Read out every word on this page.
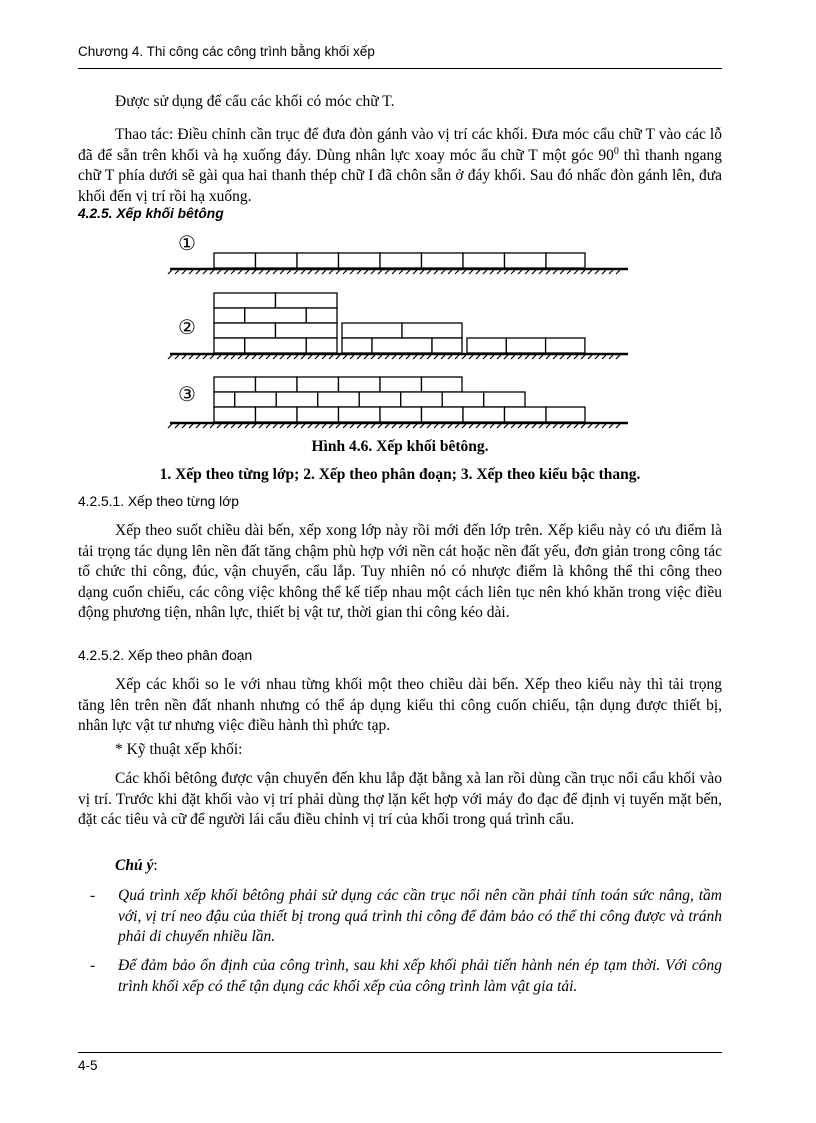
Chương 4. Thi công các công trình bằng khối xếp

Được sử dụng để cẩu các khối có móc chữ T.

Thao tác: Điều chỉnh cần trục để đưa đòn gánh vào vị trí các khối. Đưa móc cẩu chữ T vào các lỗ đã để sẵn trên khối và hạ xuống đáy. Dùng nhân lực xoay móc ẩu chữ T một góc $90^0$ thì thanh ngang chữ T phía dưới sẽ gài qua hai thanh thép chữ I đã chôn sẵn ở đáy khối. Sau đó nhấc đòn gánh lên, đưa khối đến vị trí rồi hạ xuống.

4.2.5. Xếp khối bêtông

①
②
③

Hình 4.6. Xếp khối bêtông.

1. Xếp theo từng lớp; 2. Xếp theo phân đoạn; 3. Xếp theo kiểu bậc thang.

4.2.5.1. Xếp theo từng lớp

Xếp theo suốt chiều dài bến, xếp xong lớp này rồi mới đến lớp trên. Xếp kiểu này có ưu điểm là tải trọng tác dụng lên nền đất tăng chậm phù hợp với nền cát hoặc nền đất yếu, đơn giản trong công tác tổ chức thi công, đúc, vận chuyển, cẩu lắp. Tuy nhiên nó có nhược điểm là không thể thi công theo dạng cuốn chiếu, các công việc không thể kế tiếp nhau một cách liên tục nên khó khăn trong việc điều động phương tiện, nhân lực, thiết bị vật tư, thời gian thi công kéo dài.

4.2.5.2. Xếp theo phân đoạn

Xếp các khối so le với nhau từng khối một theo chiều dài bến. Xếp theo kiểu này thì tải trọng tăng lên trên nền đất nhanh nhưng có thể áp dụng kiểu thi công cuốn chiếu, tận dụng được thiết bị, nhân lực vật tư nhưng việc điều hành thì phức tạp.

* Kỹ thuật xếp khối:

Các khối bêtông được vận chuyển đến khu lắp đặt bằng xà lan rồi dùng cần trục nổi cẩu khối vào vị trí. Trước khi đặt khối vào vị trí phải dùng thợ lặn kết hợp với máy đo đạc để định vị tuyến mặt bến, đặt các tiêu và cữ để người lái cẩu điều chỉnh vị trí của khối trong quá trình cẩu.

Chú ý:

- Quá trình xếp khối bêtông phải sử dụng các cần trục nổi nên cần phải tính toán sức nâng, tầm với, vị trí neo đậu của thiết bị trong quá trình thi công để đảm bảo có thể thi công được và tránh phải di chuyển nhiều lần.

- Để đảm bảo ổn định của công trình, sau khi xếp khối phải tiến hành nén ép tạm thời. Với công trình khối xếp có thể tận dụng các khối xếp của công trình làm vật gia tải.

4-5
